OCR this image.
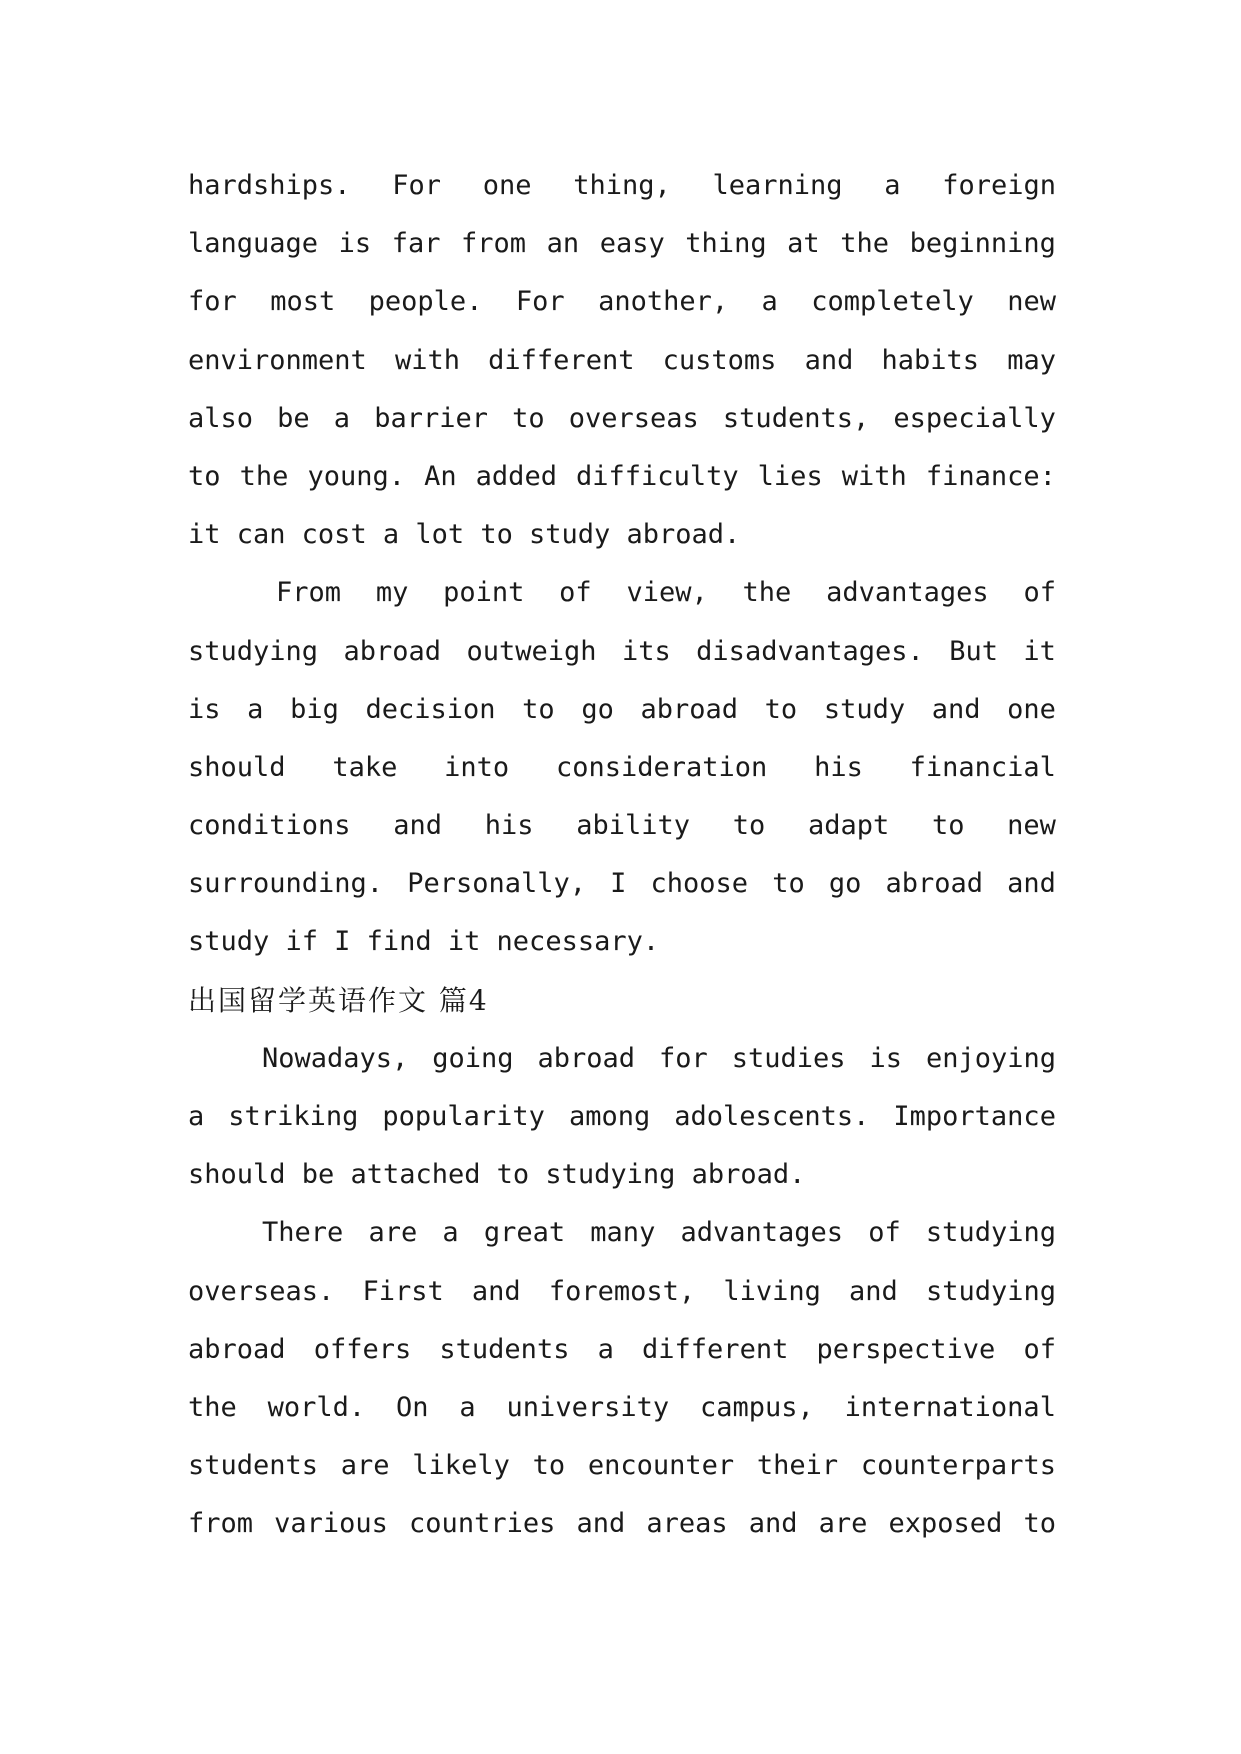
hardships. For one thing, learning a foreign
language is far from an easy thing at the beginning
for most people. For another, a completely new
environment with different customs and habits may
also be a barrier to overseas students, especially
to the young. An added difficulty lies with finance:
it can cost a lot to study abroad.
From my point of view, the advantages of
studying abroad outweigh its disadvantages. But it
is a big decision to go abroad to study and one
should take into consideration his financial
conditions and his ability to adapt to new
surrounding. Personally, I choose to go abroad and
study if I find it necessary.
出国留学英语作文 篇4
Nowadays, going abroad for studies is enjoying
a striking popularity among adolescents. Importance
should be attached to studying abroad.
There are a great many advantages of studying
overseas. First and foremost, living and studying
abroad offers students a different perspective of
the world. On a university campus, international
students are likely to encounter their counterparts
from various countries and areas and are exposed to
